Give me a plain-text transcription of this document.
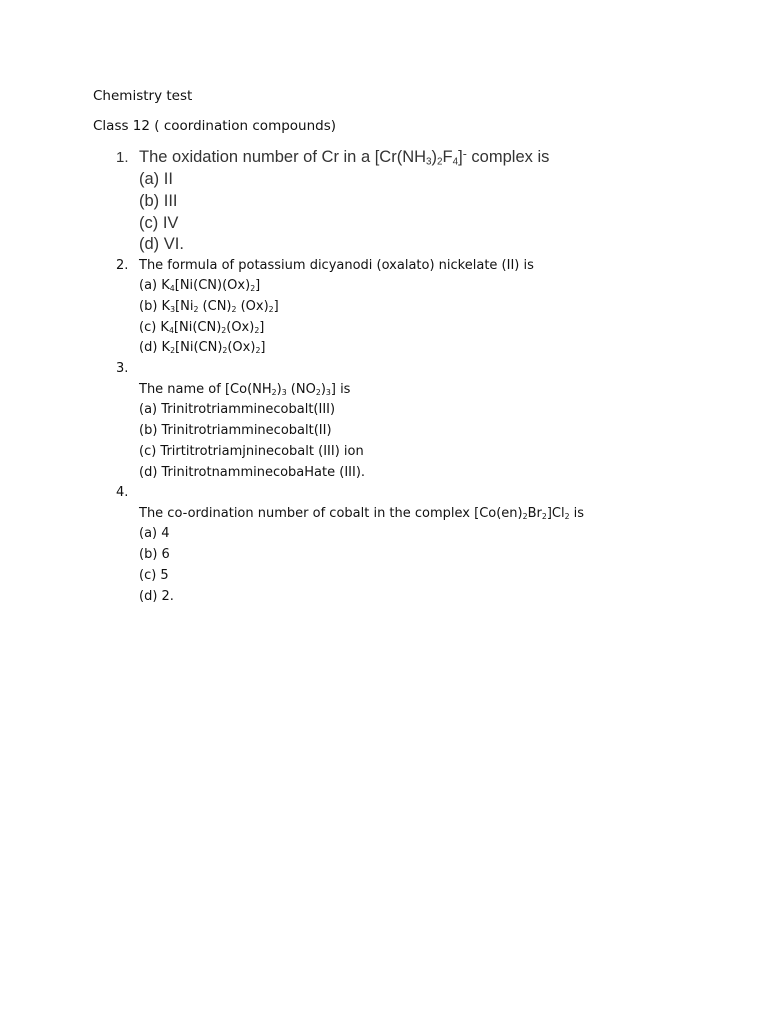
Chemistry test
Class 12 ( coordination compounds)
1. The oxidation number of Cr in a $[Cr(NH_3)_2F_4]^-$ complex is
(a) II
(b) III
(c) IV
(d) VI.
2. The formula of potassium dicyanodi (oxalato) nickelate (II) is
(a) $K_4[Ni(CN)(Ox)_2]$
(b) $K_3[Ni_2$ $(CN)_2$ $(Ox)_2$]
(c) $K_4[Ni(CN)_2(Ox)_2]$
(d) $K_2[Ni(CN)_2(Ox)_2]$
3.
The name of [$Co(NH_2)_3$ $(NO_2)_3$] is
(a) Trinitrotriamminecobalt(III)
(b) Trinitrotriamminecobalt(II)
(c) Trirtitrotriamjninecobalt (III) ion
(d) TrinitrotnamminecobaHate (III).
4.
The co-ordination number of cobalt in the complex $[Co(en)_2Br_2]Cl_2$ is
(a) 4
(b) 6
(c) 5
(d) 2.
